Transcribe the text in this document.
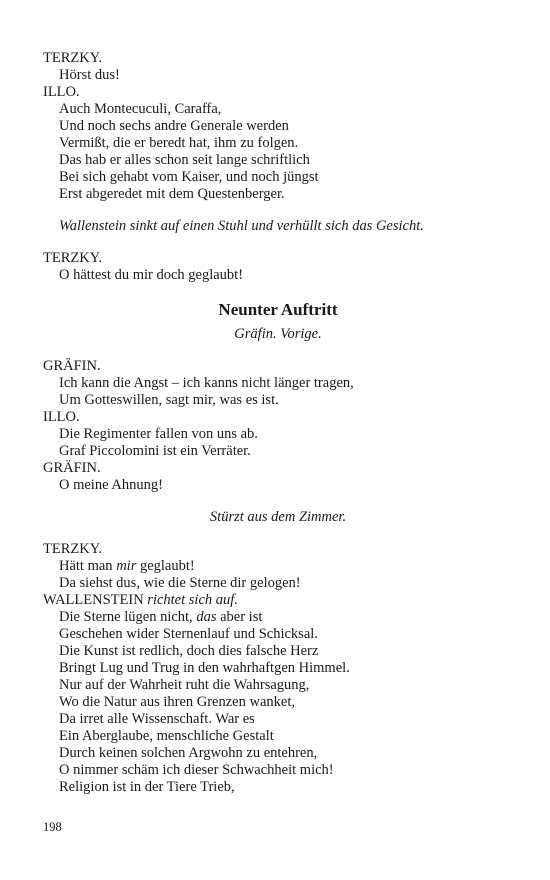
TERZKY.
Hörst dus!
ILLO.
Auch Montecuculi, Caraffa,
Und noch sechs andre Generale werden
Vermißt, die er beredt hat, ihm zu folgen.
Das hab er alles schon seit lange schriftlich
Bei sich gehabt vom Kaiser, und noch jüngst
Erst abgeredet mit dem Questenberger.
Wallenstein sinkt auf einen Stuhl und verhüllt sich das Gesicht.
TERZKY.
O hättest du mir doch geglaubt!
Neunter Auftritt
Gräfin. Vorige.
GRÄFIN.
Ich kann die Angst – ich kanns nicht länger tragen,
Um Gotteswillen, sagt mir, was es ist.
ILLO.
Die Regimenter fallen von uns ab.
Graf Piccolomini ist ein Verräter.
GRÄFIN.
O meine Ahnung!
Stürzt aus dem Zimmer.
TERZKY.
Hätt man mir geglaubt!
Da siehst dus, wie die Sterne dir gelogen!
WALLENSTEIN richtet sich auf.
Die Sterne lügen nicht, das aber ist
Geschehen wider Sternenlauf und Schicksal.
Die Kunst ist redlich, doch dies falsche Herz
Bringt Lug und Trug in den wahrhaftgen Himmel.
Nur auf der Wahrheit ruht die Wahrsagung,
Wo die Natur aus ihren Grenzen wanket,
Da irret alle Wissenschaft. War es
Ein Aberglaube, menschliche Gestalt
Durch keinen solchen Argwohn zu entehren,
O nimmer schäm ich dieser Schwachheit mich!
Religion ist in der Tiere Trieb,
198
